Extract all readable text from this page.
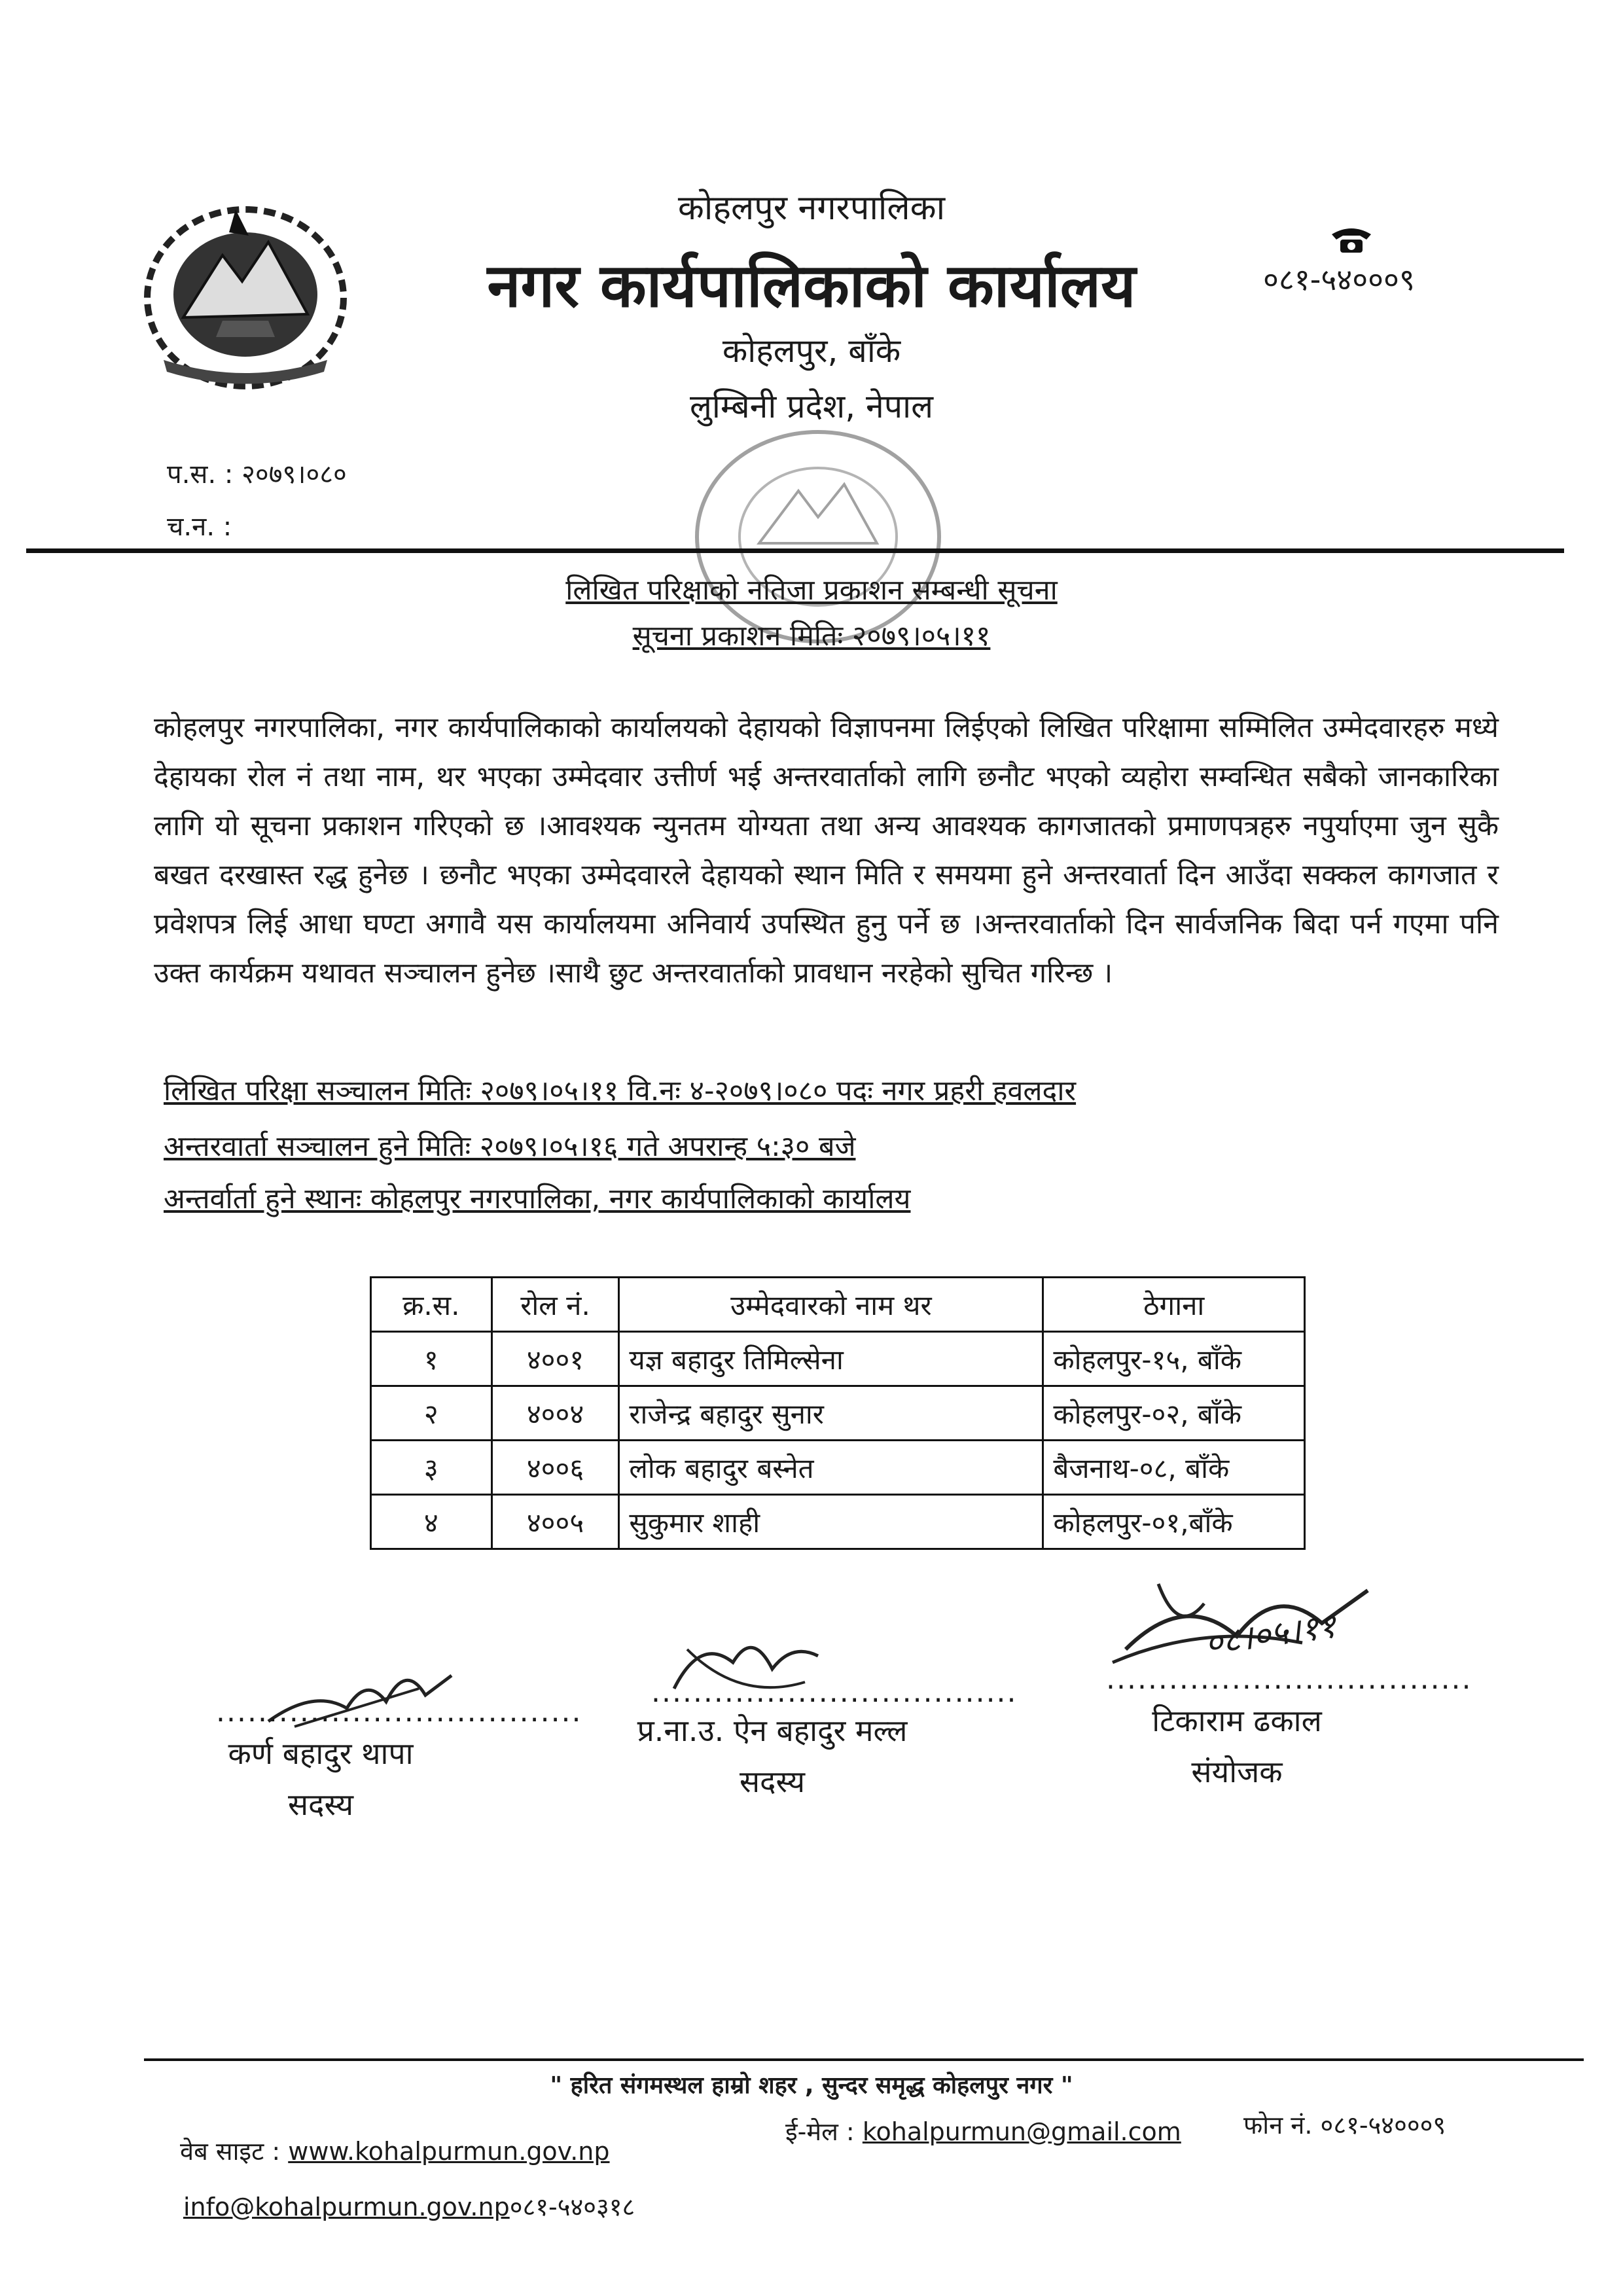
कोहलपुर नगरपालिका
नगर कार्यपालिकाको कार्यालय
कोहलपुर, बाँके
लुम्बिनी प्रदेश, नेपाल
०८१-५४०००९
प.स. : २०७९।०८०
च.न. :
लिखित परिक्षाको नतिजा प्रकाशन सम्बन्धी सूचना
सूचना प्रकाशन मितिः २०७९।०५।११
कोहलपुर नगरपालिका, नगर कार्यपालिकाको कार्यालयको देहायको विज्ञापनमा लिईएको लिखित परिक्षामा सम्मिलित उम्मेदवारहरु मध्ये देहायका रोल नं तथा नाम, थर भएका उम्मेदवार उत्तीर्ण भई अन्तरवार्ताको लागि छनौट भएको व्यहोरा सम्वन्धित सबैको जानकारिका लागि यो सूचना प्रकाशन गरिएको छ ।आवश्यक न्युनतम योग्यता तथा अन्य आवश्यक कागजातको प्रमाणपत्रहरु नपुर्याएमा जुन सुकै बखत दरखास्त रद्ध हुनेछ । छनौट भएका उम्मेदवारले देहायको स्थान मिति र समयमा हुने अन्तरवार्ता दिन आउँदा सक्कल कागजात र प्रवेशपत्र लिई आधा घण्टा अगावै यस कार्यालयमा अनिवार्य उपस्थित हुनु पर्ने छ ।अन्तरवार्ताको दिन सार्वजनिक बिदा पर्न गएमा पनि उक्त कार्यक्रम यथावत सञ्चालन हुनेछ ।साथै छुट अन्तरवार्ताको प्रावधान नरहेको सुचित गरिन्छ ।
लिखित परिक्षा सञ्चालन मितिः २०७९।०५।११ वि.नः ४-२०७९।०८० पदः नगर प्रहरी हवलदार
अन्तरवार्ता सञ्चालन हुने मितिः २०७९।०५।१६ गते अपरान्ह ५:३० बजे
अन्तर्वार्ता हुने स्थानः कोहलपुर नगरपालिका, नगर कार्यपालिकाको कार्यालय
क्र.स.	रोल नं.	उम्मेदवारको नाम थर	ठेगाना
१	४००१	यज्ञ बहादुर तिमिल्सेना	कोहलपुर-१५, बाँके
२	४००४	राजेन्द्र बहादुर सुनार	कोहलपुर-०२, बाँके
३	४००६	लोक बहादुर बस्नेत	बैजनाथ-०८, बाँके
४	४००५	सुकुमार शाही	कोहलपुर-०१,बाँके
...................................
कर्ण बहादुर थापा
सदस्य
...................................
प्र.ना.उ. ऐन बहादुर मल्ल
सदस्य
०८।०५।११
...................................
टिकाराम ढकाल
संयोजक
" हरित संगमस्थल हाम्रो शहर , सुन्दर समृद्ध कोहलपुर नगर "
वेब साइट : www.kohalpurmun.gov.np
ई-मेल : kohalpurmun@gmail.com	फोन नं. ०८१-५४०००९
info@kohalpurmun.gov.np०८१-५४०३१८
